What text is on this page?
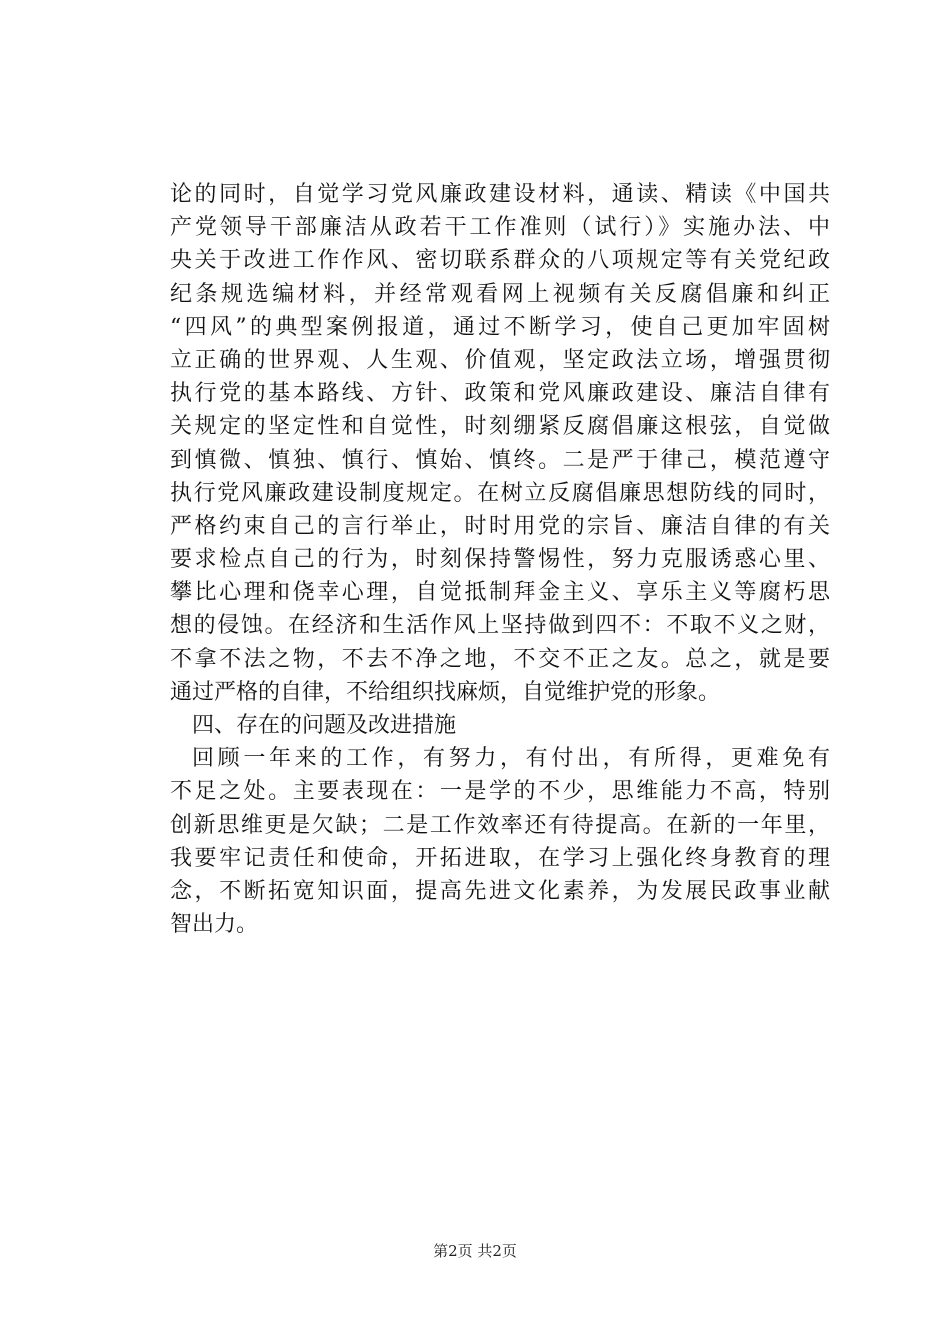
论的同时，自觉学习党风廉政建设材料，通读、精读《中国共
产党领导干部廉洁从政若干工作准则（试行）》实施办法、中
央关于改进工作作风、密切联系群众的八项规定等有关党纪政
纪条规选编材料，并经常观看网上视频有关反腐倡廉和纠正
“四风”的典型案例报道，通过不断学习，使自己更加牢固树
立正确的世界观、人生观、价值观，坚定政法立场，增强贯彻
执行党的基本路线、方针、政策和党风廉政建设、廉洁自律有
关规定的坚定性和自觉性，时刻绷紧反腐倡廉这根弦，自觉做
到慎微、慎独、慎行、慎始、慎终。二是严于律己，模范遵守
执行党风廉政建设制度规定。在树立反腐倡廉思想防线的同时，
严格约束自己的言行举止，时时用党的宗旨、廉洁自律的有关
要求检点自己的行为，时刻保持警惕性，努力克服诱惑心里、
攀比心理和侥幸心理，自觉抵制拜金主义、享乐主义等腐朽思
想的侵蚀。在经济和生活作风上坚持做到四不：不取不义之财，
不拿不法之物，不去不净之地，不交不正之友。总之，就是要
通过严格的自律，不给组织找麻烦，自觉维护党的形象。
四、存在的问题及改进措施
回顾一年来的工作，有努力，有付出，有所得，更难免有
不足之处。主要表现在：一是学的不少，思维能力不高，特别
创新思维更是欠缺；二是工作效率还有待提高。在新的一年里，
我要牢记责任和使命，开拓进取，在学习上强化终身教育的理
念，不断拓宽知识面，提高先进文化素养，为发展民政事业献
智出力。
第2页 共2页
